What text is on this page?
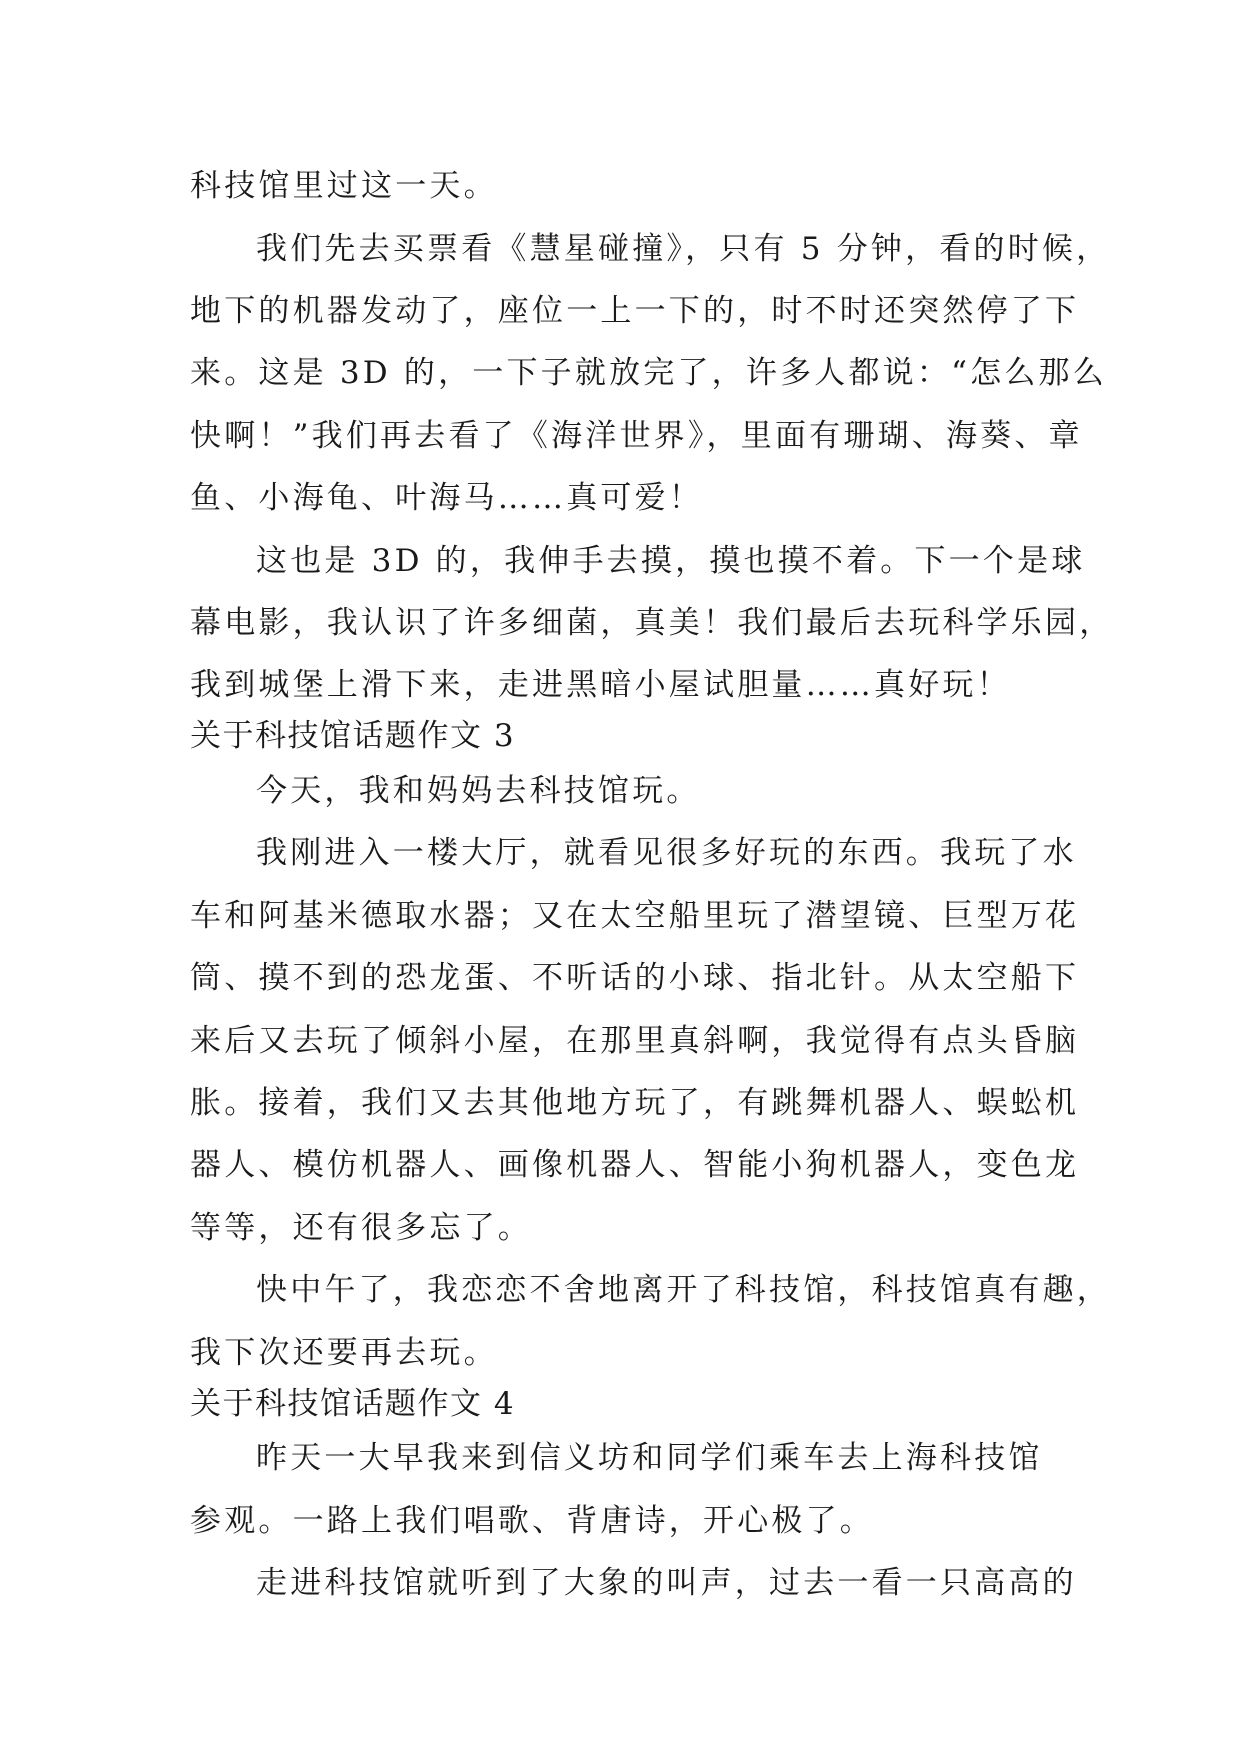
科技馆里过这一天。
我们先去买票看《慧星碰撞》，只有 5 分钟，看的时候，
地下的机器发动了，座位一上一下的，时不时还突然停了下
来。这是 3D 的，一下子就放完了，许多人都说：“怎么那么
快啊！”我们再去看了《海洋世界》，里面有珊瑚、海葵、章
鱼、小海龟、叶海马……真可爱！
这也是 3D 的，我伸手去摸，摸也摸不着。下一个是球
幕电影，我认识了许多细菌，真美！我们最后去玩科学乐园，
我到城堡上滑下来，走进黑暗小屋试胆量……真好玩！
关于科技馆话题作文 3
今天，我和妈妈去科技馆玩。
我刚进入一楼大厅，就看见很多好玩的东西。我玩了水
车和阿基米德取水器；又在太空船里玩了潜望镜、巨型万花
筒、摸不到的恐龙蛋、不听话的小球、指北针。从太空船下
来后又去玩了倾斜小屋，在那里真斜啊，我觉得有点头昏脑
胀。接着，我们又去其他地方玩了，有跳舞机器人、蜈蚣机
器人、模仿机器人、画像机器人、智能小狗机器人，变色龙
等等，还有很多忘了。
快中午了，我恋恋不舍地离开了科技馆，科技馆真有趣，
我下次还要再去玩。
关于科技馆话题作文 4
昨天一大早我来到信义坊和同学们乘车去上海科技馆
参观。一路上我们唱歌、背唐诗，开心极了。
走进科技馆就听到了大象的叫声，过去一看一只高高的
